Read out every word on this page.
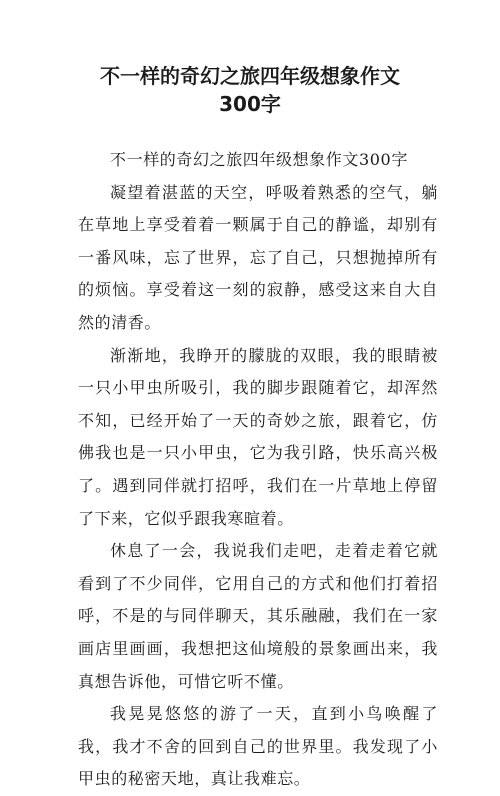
不一样的奇幻之旅四年级想象作文
300字

不一样的奇幻之旅四年级想象作文300字

凝望着湛蓝的天空，呼吸着熟悉的空气，躺在草地上享受着着一颗属于自己的静谧，却别有一番风味，忘了世界，忘了自己，只想抛掉所有的烦恼。享受着这一刻的寂静，感受这来自大自然的清香。

渐渐地，我睁开的朦胧的双眼，我的眼睛被一只小甲虫所吸引，我的脚步跟随着它，却浑然不知，已经开始了一天的奇妙之旅，跟着它，仿佛我也是一只小甲虫，它为我引路，快乐高兴极了。遇到同伴就打招呼，我们在一片草地上停留了下来，它似乎跟我寒暄着。

休息了一会，我说我们走吧，走着走着它就看到了不少同伴，它用自己的方式和他们打着招呼，不是的与同伴聊天，其乐融融，我们在一家画店里画画，我想把这仙境般的景象画出来，我真想告诉他，可惜它听不懂。

我晃晃悠悠的游了一天，直到小鸟唤醒了我，我才不舍的回到自己的世界里。我发现了小甲虫的秘密天地，真让我难忘。
